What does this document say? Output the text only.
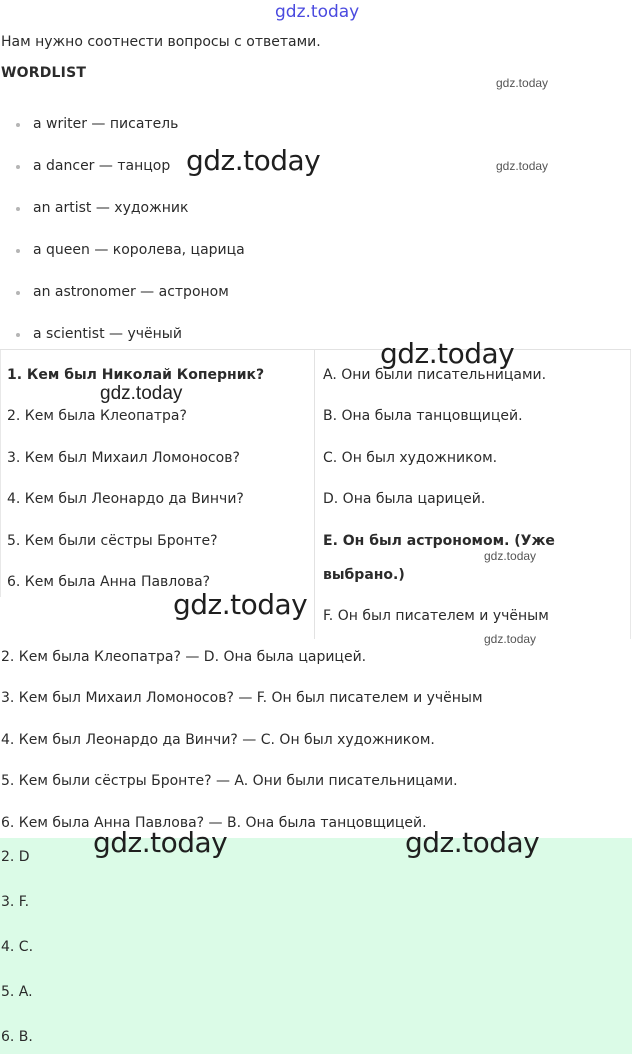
gdz.today
gdz.today
gdz.today
Нам нужно соотнести вопросы с ответами.
WORDLIST
a writer — писатель
a dancer — танцор
an artist — художник
a queen — королева, царица
an astronomer — астроном
a scientist — учёный
gdz.today
1. Кем был Николай Коперник?
2. Кем была Клеопатра?
3. Кем был Михаил Ломоносов?
4. Кем был Леонардо да Винчи?
5. Кем были сёстры Бронте?
6. Кем была Анна Павлова?
A. Они были писательницами.
B. Она была танцовщицей.
C. Он был художником.
D. Она была царицей.
E. Он был астрономом. (Уже
выбрано.)
F. Он был писателем и учёным
gdz.today
gdz.today
gdz.today
gdz.today
gdz.today
2. Кем была Клеопатра? — D. Она была царицей.
3. Кем был Михаил Ломоносов? — F. Он был писателем и учёным
4. Кем был Леонардо да Винчи? — C. Он был художником.
5. Кем были сёстры Бронте? — A. Они были писательницами.
6. Кем была Анна Павлова? — B. Она была танцовщицей.
2. D
3. F.
4. C.
5. A.
6. B.
gdz.today	gdz.today
